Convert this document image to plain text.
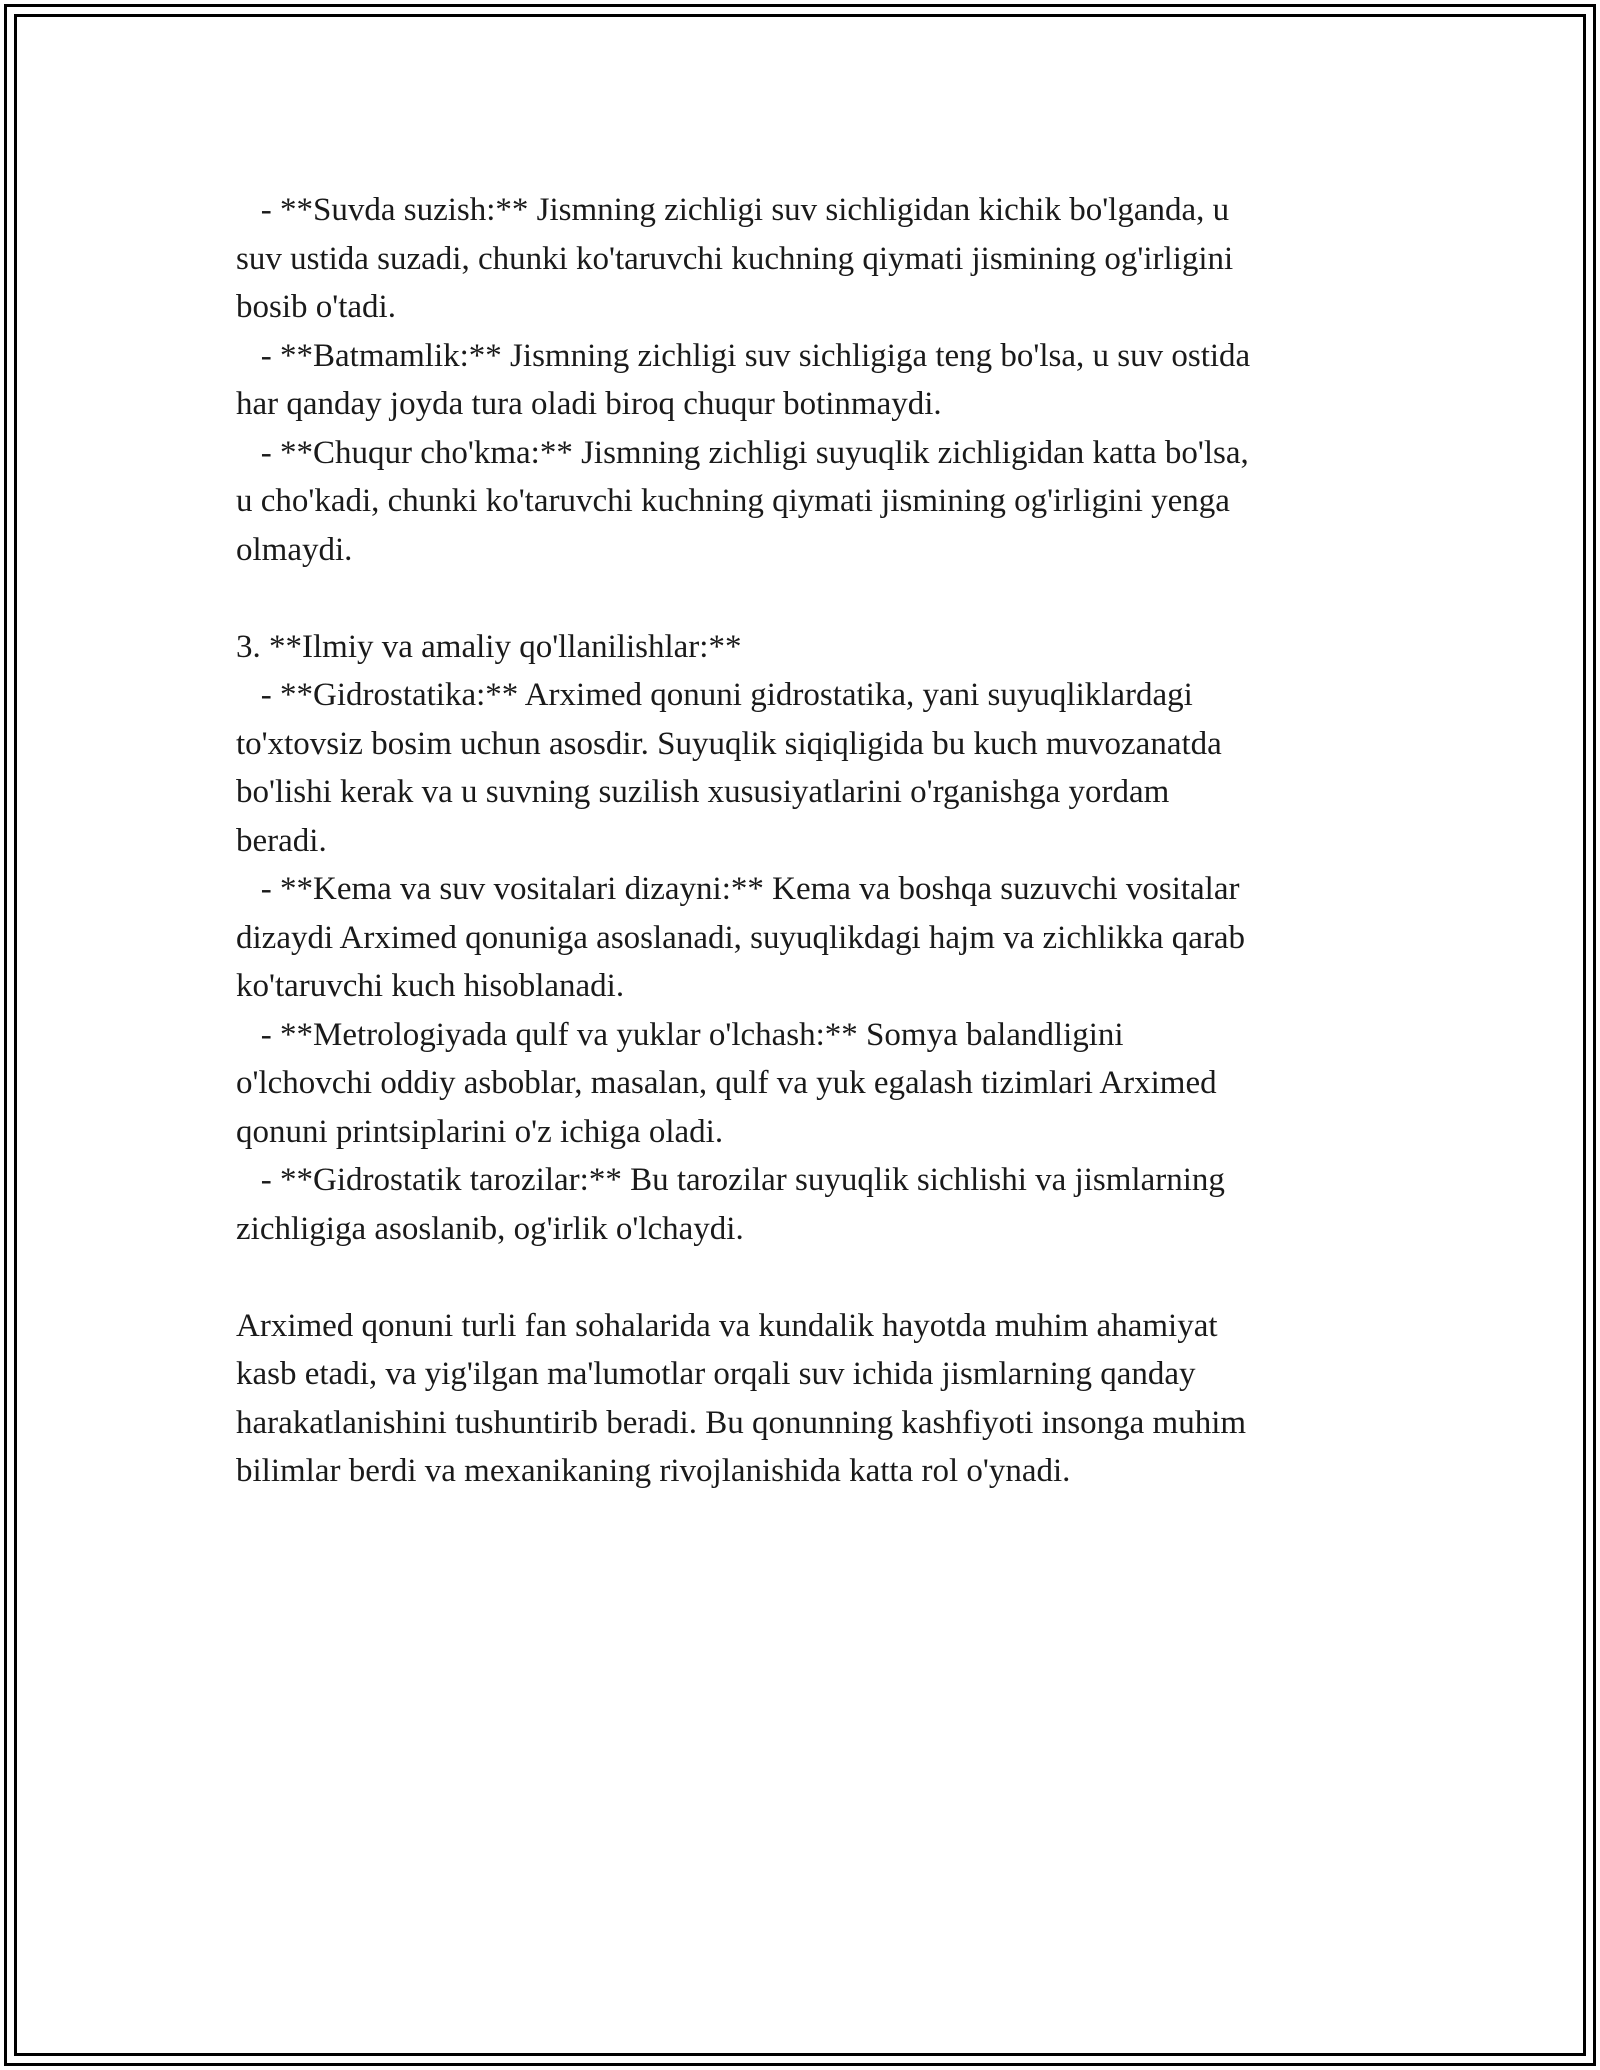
- **Suvda suzish:** Jismning zichligi suv sichligidan kichik bo'lganda, u
suv ustida suzadi, chunki ko'taruvchi kuchning qiymati jismining og'irligini
bosib o'tadi.
- **Batmamlik:** Jismning zichligi suv sichligiga teng bo'lsa, u suv ostida
har qanday joyda tura oladi biroq chuqur botinmaydi.
- **Chuqur cho'kma:** Jismning zichligi suyuqlik zichligidan katta bo'lsa,
u cho'kadi, chunki ko'taruvchi kuchning qiymati jismining og'irligini yenga
olmaydi.
3. **Ilmiy va amaliy qo'llanilishlar:**
- **Gidrostatika:** Arximed qonuni gidrostatika, yani suyuqliklardagi
to'xtovsiz bosim uchun asosdir. Suyuqlik siqiqligida bu kuch muvozanatda
bo'lishi kerak va u suvning suzilish xususiyatlarini o'rganishga yordam
beradi.
- **Kema va suv vositalari dizayni:** Kema va boshqa suzuvchi vositalar
dizaydi Arximed qonuniga asoslanadi, suyuqlikdagi hajm va zichlikka qarab
ko'taruvchi kuch hisoblanadi.
- **Metrologiyada qulf va yuklar o'lchash:** Somya balandligini
o'lchovchi oddiy asboblar, masalan, qulf va yuk egalash tizimlari Arximed
qonuni printsiplarini o'z ichiga oladi.
- **Gidrostatik tarozilar:** Bu tarozilar suyuqlik sichlishi va jismlarning
zichligiga asoslanib, og'irlik o'lchaydi.
Arximed qonuni turli fan sohalarida va kundalik hayotda muhim ahamiyat
kasb etadi, va yig'ilgan ma'lumotlar orqali suv ichida jismlarning qanday
harakatlanishini tushuntirib beradi. Bu qonunning kashfiyoti insonga muhim
bilimlar berdi va mexanikaning rivojlanishida katta rol o'ynadi.
